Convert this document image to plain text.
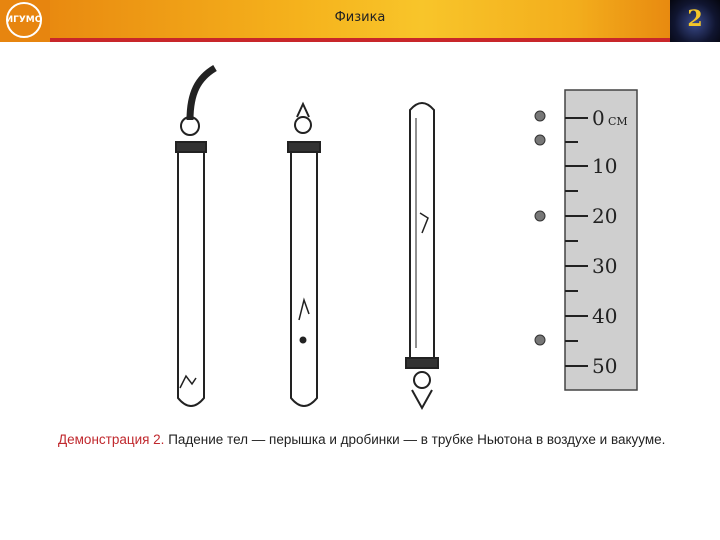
ИГУМО	Физика	2
0 СМ
10
20
30
40
50
Демонстрация 2. Падение тел — перышка и дробинки — в трубке Ньютона в воздухе и вакууме.
